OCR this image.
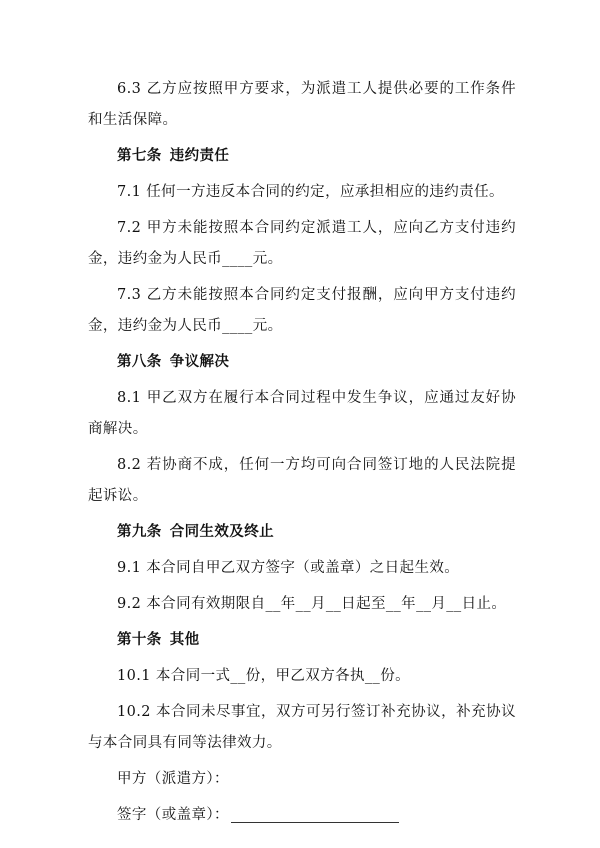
6.3 乙方应按照甲方要求，为派遣工人提供必要的工作条件和生活保障。

第七条 违约责任

7.1 任何一方违反本合同的约定，应承担相应的违约责任。

7.2 甲方未能按照本合同约定派遣工人，应向乙方支付违约金，违约金为人民币____元。

7.3 乙方未能按照本合同约定支付报酬，应向甲方支付违约金，违约金为人民币____元。

第八条 争议解决

8.1 甲乙双方在履行本合同过程中发生争议，应通过友好协商解决。

8.2 若协商不成，任何一方均可向合同签订地的人民法院提起诉讼。

第九条 合同生效及终止

9.1 本合同自甲乙双方签字（或盖章）之日起生效。

9.2 本合同有效期限自__年__月__日起至__年__月__日止。

第十条 其他

10.1 本合同一式__份，甲乙双方各执__份。

10.2 本合同未尽事宜，双方可另行签订补充协议，补充协议与本合同具有同等法律效力。

甲方（派遣方）：

签字（或盖章）：
